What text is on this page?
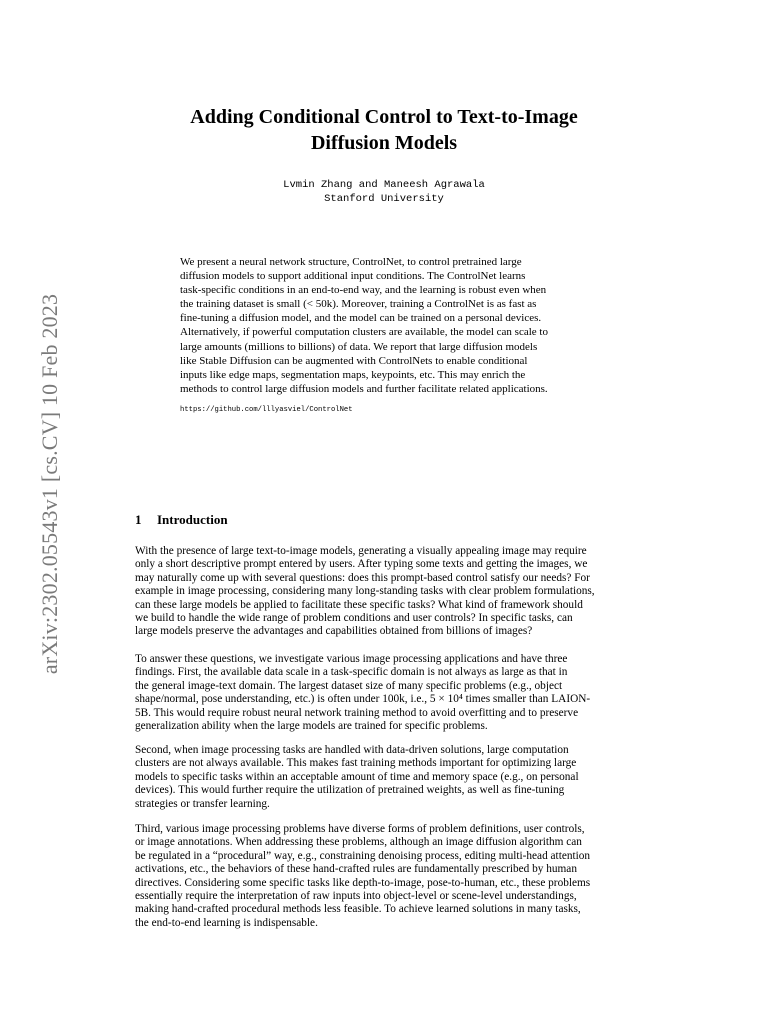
arXiv:2302.05543v1 [cs.CV] 10 Feb 2023
Adding Conditional Control to Text-to-Image
Diffusion Models
Lvmin Zhang and Maneesh Agrawala
Stanford University
We present a neural network structure, ControlNet, to control pretrained large
diffusion models to support additional input conditions. The ControlNet learns
task-specific conditions in an end-to-end way, and the learning is robust even when
the training dataset is small (< 50k). Moreover, training a ControlNet is as fast as
fine-tuning a diffusion model, and the model can be trained on a personal devices.
Alternatively, if powerful computation clusters are available, the model can scale to
large amounts (millions to billions) of data. We report that large diffusion models
like Stable Diffusion can be augmented with ControlNets to enable conditional
inputs like edge maps, segmentation maps, keypoints, etc. This may enrich the
methods to control large diffusion models and further facilitate related applications.
https://github.com/lllyasviel/ControlNet
1 Introduction
With the presence of large text-to-image models, generating a visually appealing image may require
only a short descriptive prompt entered by users. After typing some texts and getting the images, we
may naturally come up with several questions: does this prompt-based control satisfy our needs? For
example in image processing, considering many long-standing tasks with clear problem formulations,
can these large models be applied to facilitate these specific tasks? What kind of framework should
we build to handle the wide range of problem conditions and user controls? In specific tasks, can
large models preserve the advantages and capabilities obtained from billions of images?
To answer these questions, we investigate various image processing applications and have three
findings. First, the available data scale in a task-specific domain is not always as large as that in
the general image-text domain. The largest dataset size of many specific problems (e.g., object
shape/normal, pose understanding, etc.) is often under 100k, i.e., 5 × 10⁴ times smaller than LAION-
5B. This would require robust neural network training method to avoid overfitting and to preserve
generalization ability when the large models are trained for specific problems.
Second, when image processing tasks are handled with data-driven solutions, large computation
clusters are not always available. This makes fast training methods important for optimizing large
models to specific tasks within an acceptable amount of time and memory space (e.g., on personal
devices). This would further require the utilization of pretrained weights, as well as fine-tuning
strategies or transfer learning.
Third, various image processing problems have diverse forms of problem definitions, user controls,
or image annotations. When addressing these problems, although an image diffusion algorithm can
be regulated in a “procedural” way, e.g., constraining denoising process, editing multi-head attention
activations, etc., the behaviors of these hand-crafted rules are fundamentally prescribed by human
directives. Considering some specific tasks like depth-to-image, pose-to-human, etc., these problems
essentially require the interpretation of raw inputs into object-level or scene-level understandings,
making hand-crafted procedural methods less feasible. To achieve learned solutions in many tasks,
the end-to-end learning is indispensable.
